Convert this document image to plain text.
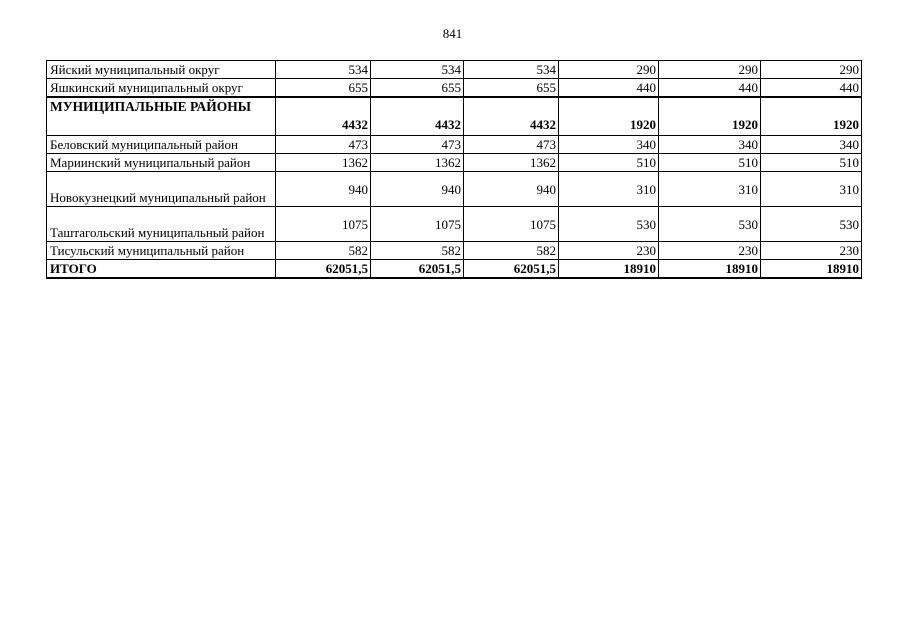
841
Яйский муниципальный округ	534	534	534	290	290	290
Яшкинский муниципальный округ	655	655	655	440	440	440
МУНИЦИПАЛЬНЫЕ РАЙОНЫ	4432	4432	4432	1920	1920	1920
Беловский муниципальный район	473	473	473	340	340	340
Мариинский муниципальный район	1362	1362	1362	510	510	510
Новокузнецкий муниципальный район	940	940	940	310	310	310
Таштагольский муниципальный район	1075	1075	1075	530	530	530
Тисульский муниципальный район	582	582	582	230	230	230
ИТОГО	62051,5	62051,5	62051,5	18910	18910	18910
